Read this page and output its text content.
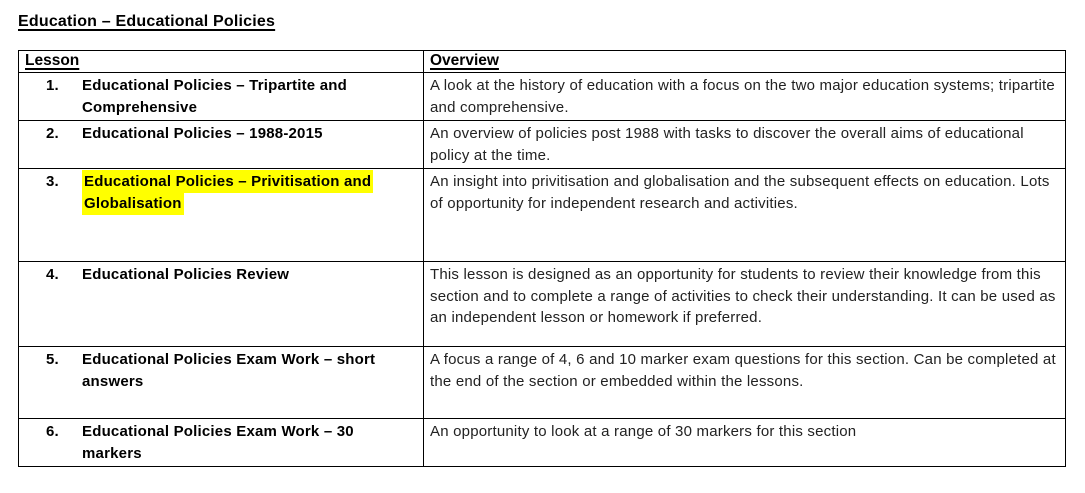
Education – Educational Policies
Lesson	Overview

1. Educational Policies – Tripartite and Comprehensive	A look at the history of education with a focus on the two major education systems; tripartite and comprehensive.

2. Educational Policies – 1988-2015	An overview of policies post 1988 with tasks to discover the overall aims of educational policy at the time.

3. Educational Policies – Privitisation and Globalisation	An insight into privitisation and globalisation and the subsequent effects on education. Lots of opportunity for independent research and activities.

4. Educational Policies Review	This lesson is designed as an opportunity for students to review their knowledge from this section and to complete a range of activities to check their understanding. It can be used as an independent lesson or homework if preferred.

5. Educational Policies Exam Work – short answers	A focus a range of 4, 6 and 10 marker exam questions for this section. Can be completed at the end of the section or embedded within the lessons.

6. Educational Policies Exam Work – 30 markers	An opportunity to look at a range of 30 markers for this section
